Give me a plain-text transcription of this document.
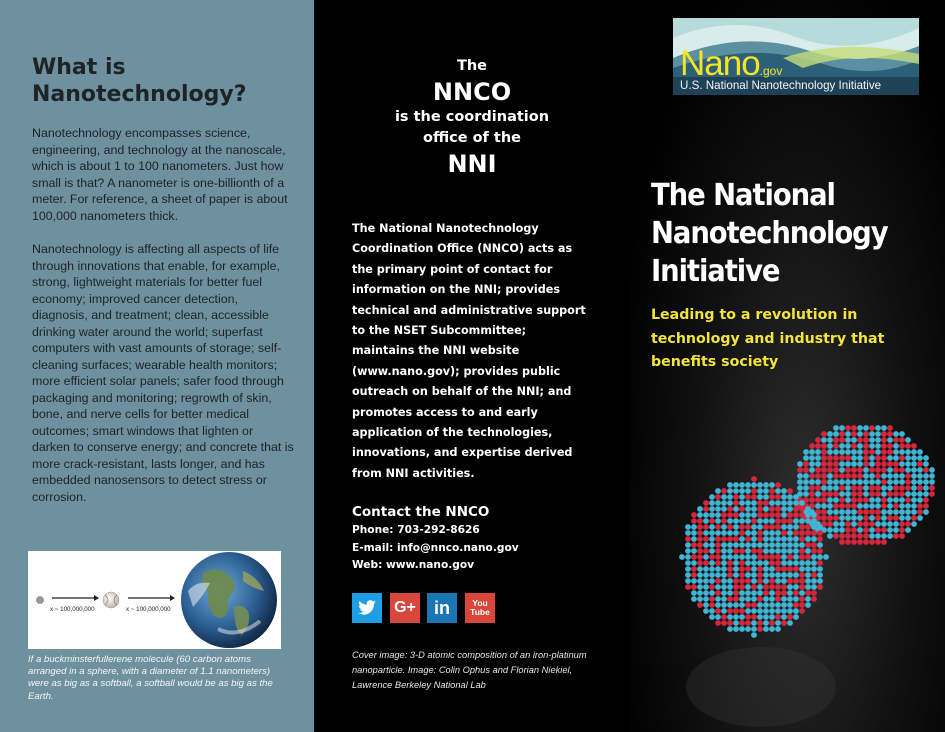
What is
Nanotechnology?

Nanotechnology encompasses science, engineering, and technology at the nanoscale, which is about 1 to 100 nanometers. Just how small is that? A nanometer is one-billionth of a meter. For reference, a sheet of paper is about 100,000 nanometers thick.

Nanotechnology is affecting all aspects of life through innovations that enable, for example, strong, lightweight materials for better fuel economy; improved cancer detection, diagnosis, and treatment; clean, accessible drinking water around the world; superfast computers with vast amounts of storage; self-cleaning surfaces; wearable health monitors; more efficient solar panels; safer food through packaging and monitoring; regrowth of skin, bone, and nerve cells for better medical outcomes; smart windows that lighten or darken to conserve energy; and concrete that is more crack-resistant, lasts longer, and has embedded nanosensors to detect stress or corrosion.

x ~ 100,000,000	x ~ 100,000,000

If a buckminsterfullerene molecule (60 carbon atoms arranged in a sphere, with a diameter of 1.1 nanometers) were as big as a softball, a softball would be as big as the Earth.

The
NNCO
is the coordination
office of the
NNI

The National Nanotechnology Coordination Office (NNCO) acts as the primary point of contact for information on the NNI; provides technical and administrative support to the NSET Subcommittee; maintains the NNI website (www.nano.gov); provides public outreach on behalf of the NNI; and promotes access to and early application of the technologies, innovations, and expertise derived from NNI activities.

Contact the NNCO
Phone: 703-292-8626
E-mail: info@nnco.nano.gov
Web: www.nano.gov
G+ in	You
Tube

Cover image: 3-D atomic composition of an iron-platinum nanoparticle. Image: Colin Ophus and Florian Niekiel, Lawrence Berkeley National Lab

Nano.gov
U.S. National Nanotechnology Initiative
The National
Nanotechnology
Initiative

Leading to a revolution in technology and industry that benefits society
